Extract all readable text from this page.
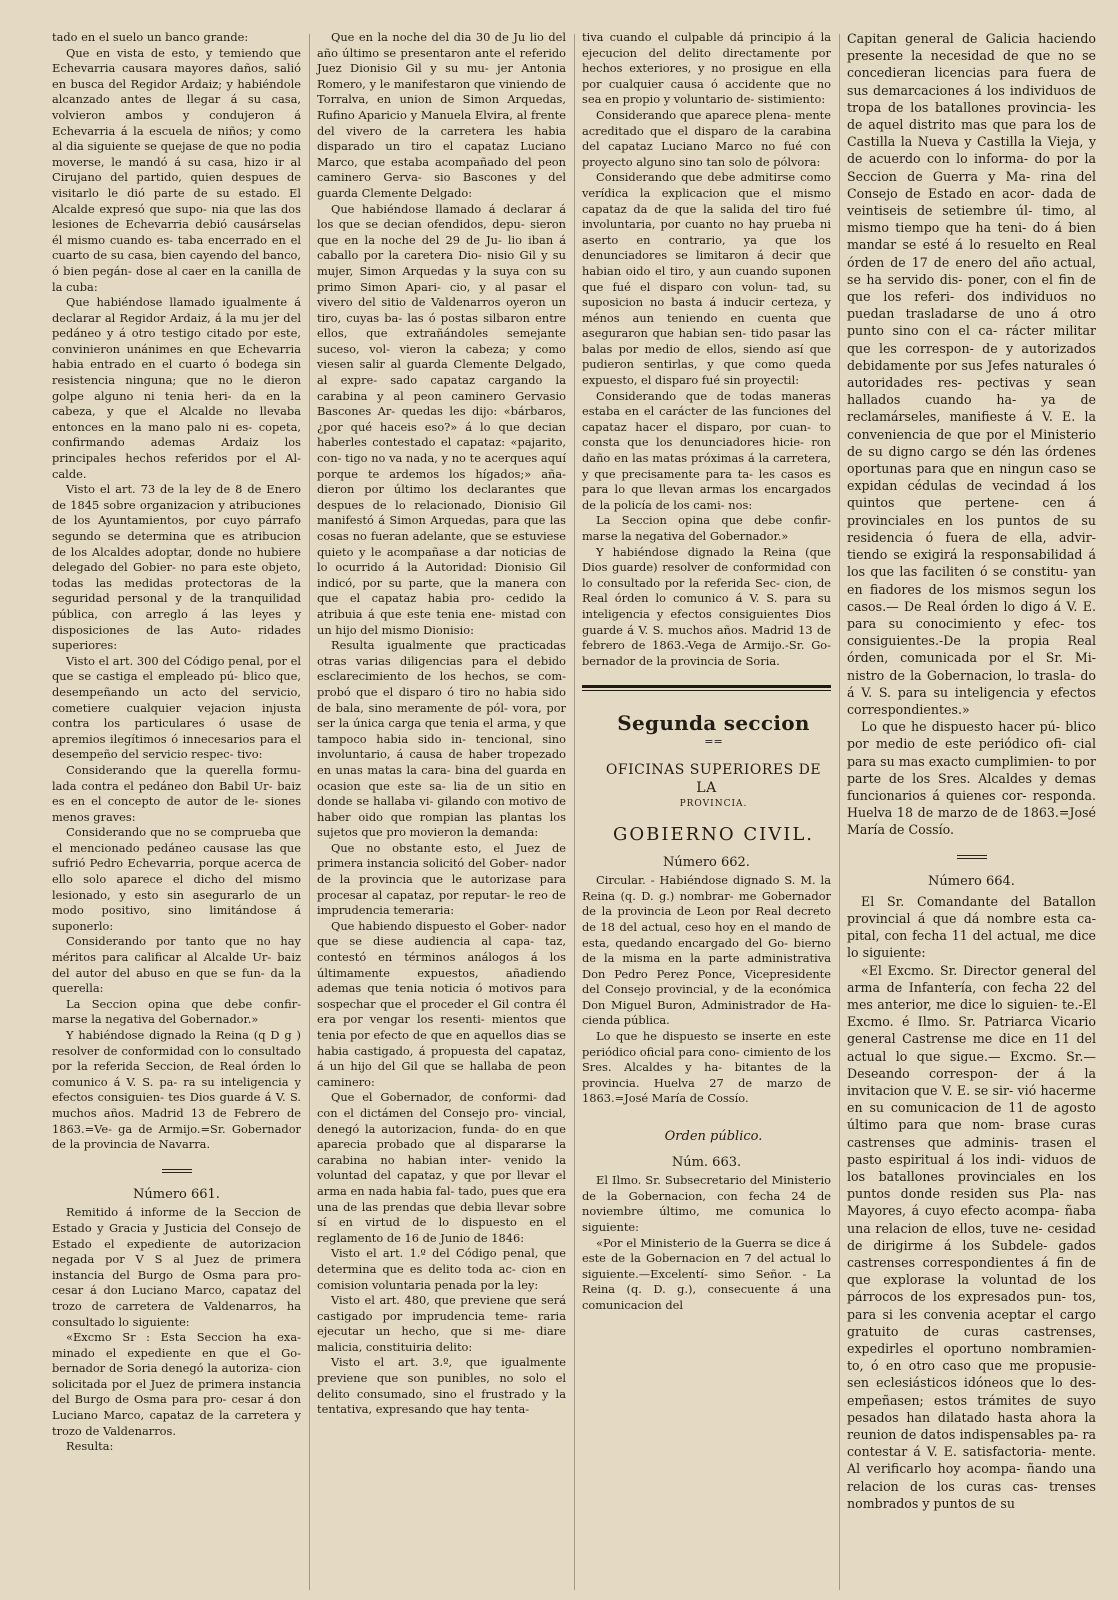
tado en el suelo un banco grande:

Que en vista de esto, y temiendo que Echevarria causara mayores daños, salió en busca del Regidor Ardaiz; y habiéndole alcanzado antes de llegar á su casa, volvieron ambos y condujeron á Echevarria á la escuela de niños; y como al dia siguiente se quejase de que no podia moverse, le mandó á su casa, hizo ir al Cirujano del partido, quien despues de visitarlo le dió parte de su estado. El Alcalde expresó que supo- nia que las dos lesiones de Echevarria debió causárselas él mismo cuando es- taba encerrado en el cuarto de su casa, bien cayendo del banco, ó bien pegán- dose al caer en la canilla de la cuba:

Que habiéndose llamado igualmente á declarar al Regidor Ardaiz, á la mu jer del pedáneo y á otro testigo citado por este, convinieron unánimes en que Echevarria habia entrado en el cuarto ó bodega sin resistencia ninguna; que no le dieron golpe alguno ni tenia heri- da en la cabeza, y que el Alcalde no llevaba entonces en la mano palo ni es- copeta, confirmando ademas Ardaiz los principales hechos referidos por el Al- calde.

Visto el art. 73 de la ley de 8 de Enero de 1845 sobre organizacion y atribuciones de los Ayuntamientos, por cuyo párrafo segundo se determina que es atribucion de los Alcaldes adoptar, donde no hubiere delegado del Gobier- no para este objeto, todas las medidas protectoras de la seguridad personal y de la tranquilidad pública, con arreglo á las leyes y disposiciones de las Auto- ridades superiores:

Visto el art. 300 del Código penal, por el que se castiga el empleado pú- blico que, desempeñando un acto del servicio, cometiere cualquier vejacion injusta contra los particulares ó usase de apremios ilegítimos ó innecesarios para el desempeño del servicio respec- tivo:

Considerando que la querella formu- lada contra el pedáneo don Babil Ur- baiz es en el concepto de autor de le- siones menos graves:

Considerando que no se comprueba que el mencionado pedáneo causase las que sufrió Pedro Echevarria, porque acerca de ello solo aparece el dicho del mismo lesionado, y esto sin asegurarlo de un modo positivo, sino limitándose á suponerlo:

Considerando por tanto que no hay méritos para calificar al Alcalde Ur- baiz del autor del abuso en que se fun- da la querella:

La Seccion opina que debe confir- marse la negativa del Gobernador.»

Y habiéndose dignado la Reina (q D g ) resolver de conformidad con lo consultado por la referida Seccion, de Real órden lo comunico á V. S. pa- ra su inteligencia y efectos consiguien- tes Dios guarde á V. S. muchos años. Madrid 13 de Febrero de 1863.=Ve- ga de Armijo.=Sr. Gobernador de la provincia de Navarra.

Número 661.

Remitido á informe de la Seccion de Estado y Gracia y Justicia del Consejo de Estado el expediente de autorizacion negada por V S al Juez de primera instancia del Burgo de Osma para pro- cesar á don Luciano Marco, capataz del trozo de carretera de Valdenarros, ha consultado lo siguiente:

«Excmo Sr : Esta Seccion ha exa- minado el expediente en que el Go- bernador de Soria denegó la autoriza- cion solicitada por el Juez de primera instancia del Burgo de Osma para pro- cesar á don Luciano Marco, capataz de la carretera y trozo de Valdenarros.

Resulta:

Que en la noche del dia 30 de Ju lio del año último se presentaron ante el referido Juez Dionisio Gil y su mu- jer Antonia Romero, y le manifestaron que viniendo de Torralva, en union de Simon Arquedas, Rufino Aparicio y Manuela Elvira, al frente del vivero de la carretera les habia disparado un tiro el capataz Luciano Marco, que estaba acompañado del peon caminero Gerva- sio Bascones y del guarda Clemente Delgado:

Que habiéndose llamado á declarar á los que se decian ofendidos, depu- sieron que en la noche del 29 de Ju- lio iban á caballo por la caretera Dio- nisio Gil y su mujer, Simon Arquedas y la suya con su primo Simon Apari- cio, y al pasar el vivero del sitio de Valdenarros oyeron un tiro, cuyas ba- las ó postas silbaron entre ellos, que extrañándoles semejante suceso, vol- vieron la cabeza; y como viesen salir al guarda Clemente Delgado, al expre- sado capataz cargando la carabina y al peon caminero Gervasio Bascones Ar- quedas les dijo: «bárbaros, ¿por qué haceis eso?» á lo que decian haberles contestado el capataz: «pajarito, con- tigo no va nada, y no te acerques aquí porque te ardemos los hígados;» aña- dieron por último los declarantes que despues de lo relacionado, Dionisio Gil manifestó á Simon Arquedas, para que las cosas no fueran adelante, que se estuviese quieto y le acompañase a dar noticias de lo ocurrido á la Autoridad: Dionisio Gil indicó, por su parte, que la manera con que el capataz habia pro- cedido la atribuia á que este tenia ene- mistad con un hijo del mismo Dionisio:

Resulta igualmente que practicadas otras varias diligencias para el debido esclarecimiento de los hechos, se com- probó que el disparo ó tiro no habia sido de bala, sino meramente de pól- vora, por ser la única carga que tenia el arma, y que tampoco habia sido in- tencional, sino involuntario, á causa de haber tropezado en unas matas la cara- bina del guarda en ocasion que este sa- lia de un sitio en donde se hallaba vi- gilando con motivo de haber oido que rompian las plantas los sujetos que pro movieron la demanda:

Que no obstante esto, el Juez de primera instancia solicitó del Gober- nador de la provincia que le autorizase para procesar al capataz, por reputar- le reo de imprudencia temeraria:

Que habiendo dispuesto el Gober- nador que se diese audiencia al capa- taz, contestó en términos análogos á los últimamente expuestos, añadiendo ademas que tenia noticia ó motivos para sospechar que el proceder el Gil contra él era por vengar los resenti- mientos que tenia por efecto de que en aquellos dias se habia castigado, á propuesta del capataz, á un hijo del Gil que se hallaba de peon caminero:

Que el Gobernador, de conformi- dad con el dictámen del Consejo pro- vincial, denegó la autorizacion, funda- do en que aparecia probado que al dispararse la carabina no habian inter- venido la voluntad del capataz, y que por llevar el arma en nada habia fal- tado, pues que era una de las prendas que debia llevar sobre sí en virtud de lo dispuesto en el reglamento de 16 de Junio de 1846:

Visto el art. 1.º del Código penal, que determina que es delito toda ac- cion en comision voluntaria penada por la ley:

Visto el art. 480, que previene que será castigado por imprudencia teme- raria ejecutar un hecho, que si me- diare malicia, constituiria delito:

Visto el art. 3.º, que igualmente previene que son punibles, no solo el delito consumado, sino el frustrado y la tentativa, expresando que hay tenta-

tiva cuando el culpable dá principio á la ejecucion del delito directamente por hechos exteriores, y no prosigue en ella por cualquier causa ó accidente que no sea en propio y voluntario de- sistimiento:

Considerando que aparece plena- mente acreditado que el disparo de la carabina del capataz Luciano Marco no fué con proyecto alguno sino tan solo de pólvora:

Considerando que debe admitirse como verídica la explicacion que el mismo capataz da de que la salida del tiro fué involuntaria, por cuanto no hay prueba ni aserto en contrario, ya que los denunciadores se limitaron á decir que habian oido el tiro, y aun cuando suponen que fué el disparo con volun- tad, su suposicion no basta á inducir certeza, y ménos aun teniendo en cuenta que aseguraron que habian sen- tido pasar las balas por medio de ellos, siendo así que pudieron sentirlas, y que como queda expuesto, el disparo fué sin proyectil:

Considerando que de todas maneras estaba en el carácter de las funciones del capataz hacer el disparo, por cuan- to consta que los denunciadores hicie- ron daño en las matas próximas á la carretera, y que precisamente para ta- les casos es para lo que llevan armas los encargados de la policía de los cami- nos:

La Seccion opina que debe confir- marse la negativa del Gobernador.»

Y habiéndose dignado la Reina (que Dios guarde) resolver de conformidad con lo consultado por la referida Sec- cion, de Real órden lo comunico á V. S. para su inteligencia y efectos consiguientes Dios guarde á V. S. muchos años. Madrid 13 de febrero de 1863.-Vega de Armijo.-Sr. Go- bernador de la provincia de Soria.

Segunda seccion

==

OFICINAS SUPERIORES DE LA

PROVINCIA.

GOBIERNO CIVIL.

Número 662.

Circular. - Habiéndose dignado S. M. la Reina (q. D. g.) nombrar- me Gobernador de la provincia de Leon por Real decreto de 18 del actual, ceso hoy en el mando de esta, quedando encargado del Go- bierno de la misma en la parte administrativa Don Pedro Perez Ponce, Vicepresidente del Consejo provincial, y de la económica Don Miguel Buron, Administrador de Ha- cienda pública.

Lo que he dispuesto se inserte en este periódico oficial para cono- cimiento de los Sres. Alcaldes y ha- bitantes de la provincia. Huelva 27 de marzo de 1863.=José María de Cossío.

Orden público.

Núm. 663.

El Ilmo. Sr. Subsecretario del Ministerio de la Gobernacion, con fecha 24 de noviembre último, me comunica lo siguiente:

«Por el Ministerio de la Guerra se dice á este de la Gobernacion en 7 del actual lo siguiente.—Excelentí- simo Señor. - La Reina (q. D. g.), consecuente á una comunicacion del

Capitan general de Galicia haciendo presente la necesidad de que no se concedieran licencias para fuera de sus demarcaciones á los individuos de tropa de los batallones provincia- les de aquel distrito mas que para los de Castilla la Nueva y Castilla la Vieja, y de acuerdo con lo informa- do por la Seccion de Guerra y Ma- rina del Consejo de Estado en acor- dada de veintiseis de setiembre úl- timo, al mismo tiempo que ha teni- do á bien mandar se esté á lo resuelto en Real órden de 17 de enero del año actual, se ha servido dis- poner, con el fin de que los referi- dos individuos no puedan trasladarse de uno á otro punto sino con el ca- rácter militar que les correspon- de y autorizados debidamente por sus Jefes naturales ó autoridades res- pectivas y sean hallados cuando ha- ya de reclamárseles, manifieste á V. E. la conveniencia de que por el Ministerio de su digno cargo se dén las órdenes oportunas para que en ningun caso se expidan cédulas de vecindad á los quintos que pertene- cen á provinciales en los puntos de su residencia ó fuera de ella, advir- tiendo se exigirá la responsabilidad á los que las faciliten ó se constitu- yan en fiadores de los mismos segun los casos.— De Real órden lo digo á V. E. para su conocimiento y efec- tos consiguientes.-De la propia Real órden, comunicada por el Sr. Mi- nistro de la Gobernacion, lo trasla- do á V. S. para su inteligencia y efectos correspondientes.»

Lo que he dispuesto hacer pú- blico por medio de este periódico ofi- cial para su mas exacto cumplimien- to por parte de los Sres. Alcaldes y demas funcionarios á quienes cor- responda. Huelva 18 de marzo de de 1863.=José María de Cossío.

Número 664.

El Sr. Comandante del Batallon provincial á que dá nombre esta ca- pital, con fecha 11 del actual, me dice lo siguiente:

«El Excmo. Sr. Director general del arma de Infantería, con fecha 22 del mes anterior, me dice lo siguien- te.-El Excmo. é Ilmo. Sr. Patriarca Vicario general Castrense me dice en 11 del actual lo que sigue.— Excmo. Sr.—Deseando correspon- der á la invitacion que V. E. se sir- vió hacerme en su comunicacion de 11 de agosto último para que nom- brase curas castrenses que adminis- trasen el pasto espiritual á los indi- viduos de los batallones provinciales en los puntos donde residen sus Pla- nas Mayores, á cuyo efecto acompa- ñaba una relacion de ellos, tuve ne- cesidad de dirigirme á los Subdele- gados castrenses correspondientes á fin de que explorase la voluntad de los párrocos de los expresados pun- tos, para si les convenia aceptar el cargo gratuito de curas castrenses, expedirles el oportuno nombramien- to, ó en otro caso que me propusie- sen eclesiásticos idóneos que lo des- empeñasen; estos trámites de suyo pesados han dilatado hasta ahora la reunion de datos indispensables pa- ra contestar á V. E. satisfactoria- mente. Al verificarlo hoy acompa- ñando una relacion de los curas cas- trenses nombrados y puntos de su
